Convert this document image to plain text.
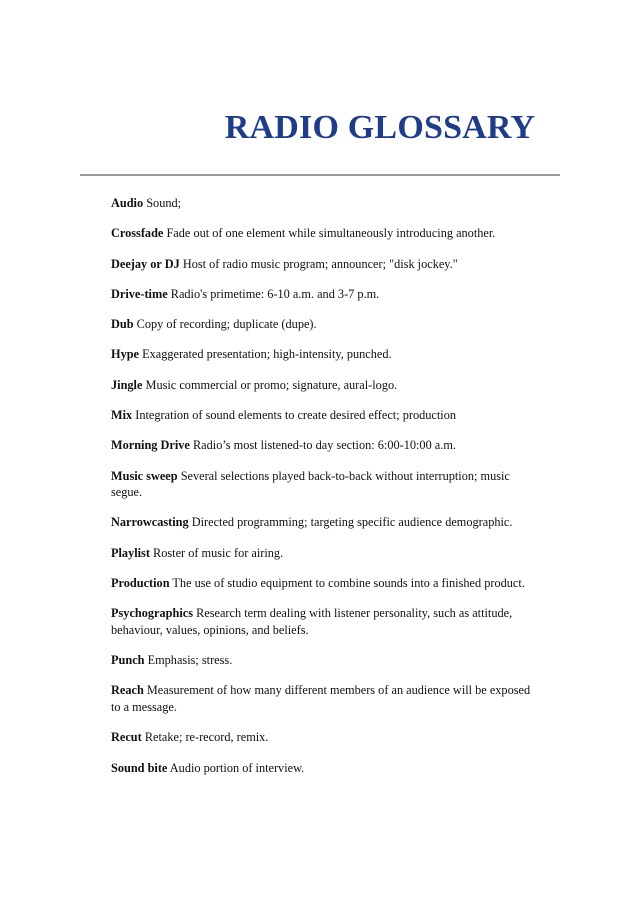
RADIO GLOSSARY
Audio Sound;
Crossfade Fade out of one element while simultaneously introducing another.
Deejay or DJ Host of radio music program; announcer; "disk jockey."
Drive-time Radio's primetime: 6-10 a.m. and 3-7 p.m.
Dub Copy of recording; duplicate (dupe).
Hype Exaggerated presentation; high-intensity, punched.
Jingle Music commercial or promo; signature, aural-logo.
Mix Integration of sound elements to create desired effect; production
Morning Drive Radio’s most listened-to day section: 6:00-10:00 a.m.
Music sweep Several selections played back-to-back without interruption; music segue.
Narrowcasting Directed programming; targeting specific audience demographic.
Playlist Roster of music for airing.
Production The use of studio equipment to combine sounds into a finished product.
Psychographics Research term dealing with listener personality, such as attitude, behaviour, values, opinions, and beliefs.
Punch Emphasis; stress.
Reach Measurement of how many different members of an audience will be exposed to a message.
Recut Retake; re-record, remix.
Sound bite Audio portion of interview.
